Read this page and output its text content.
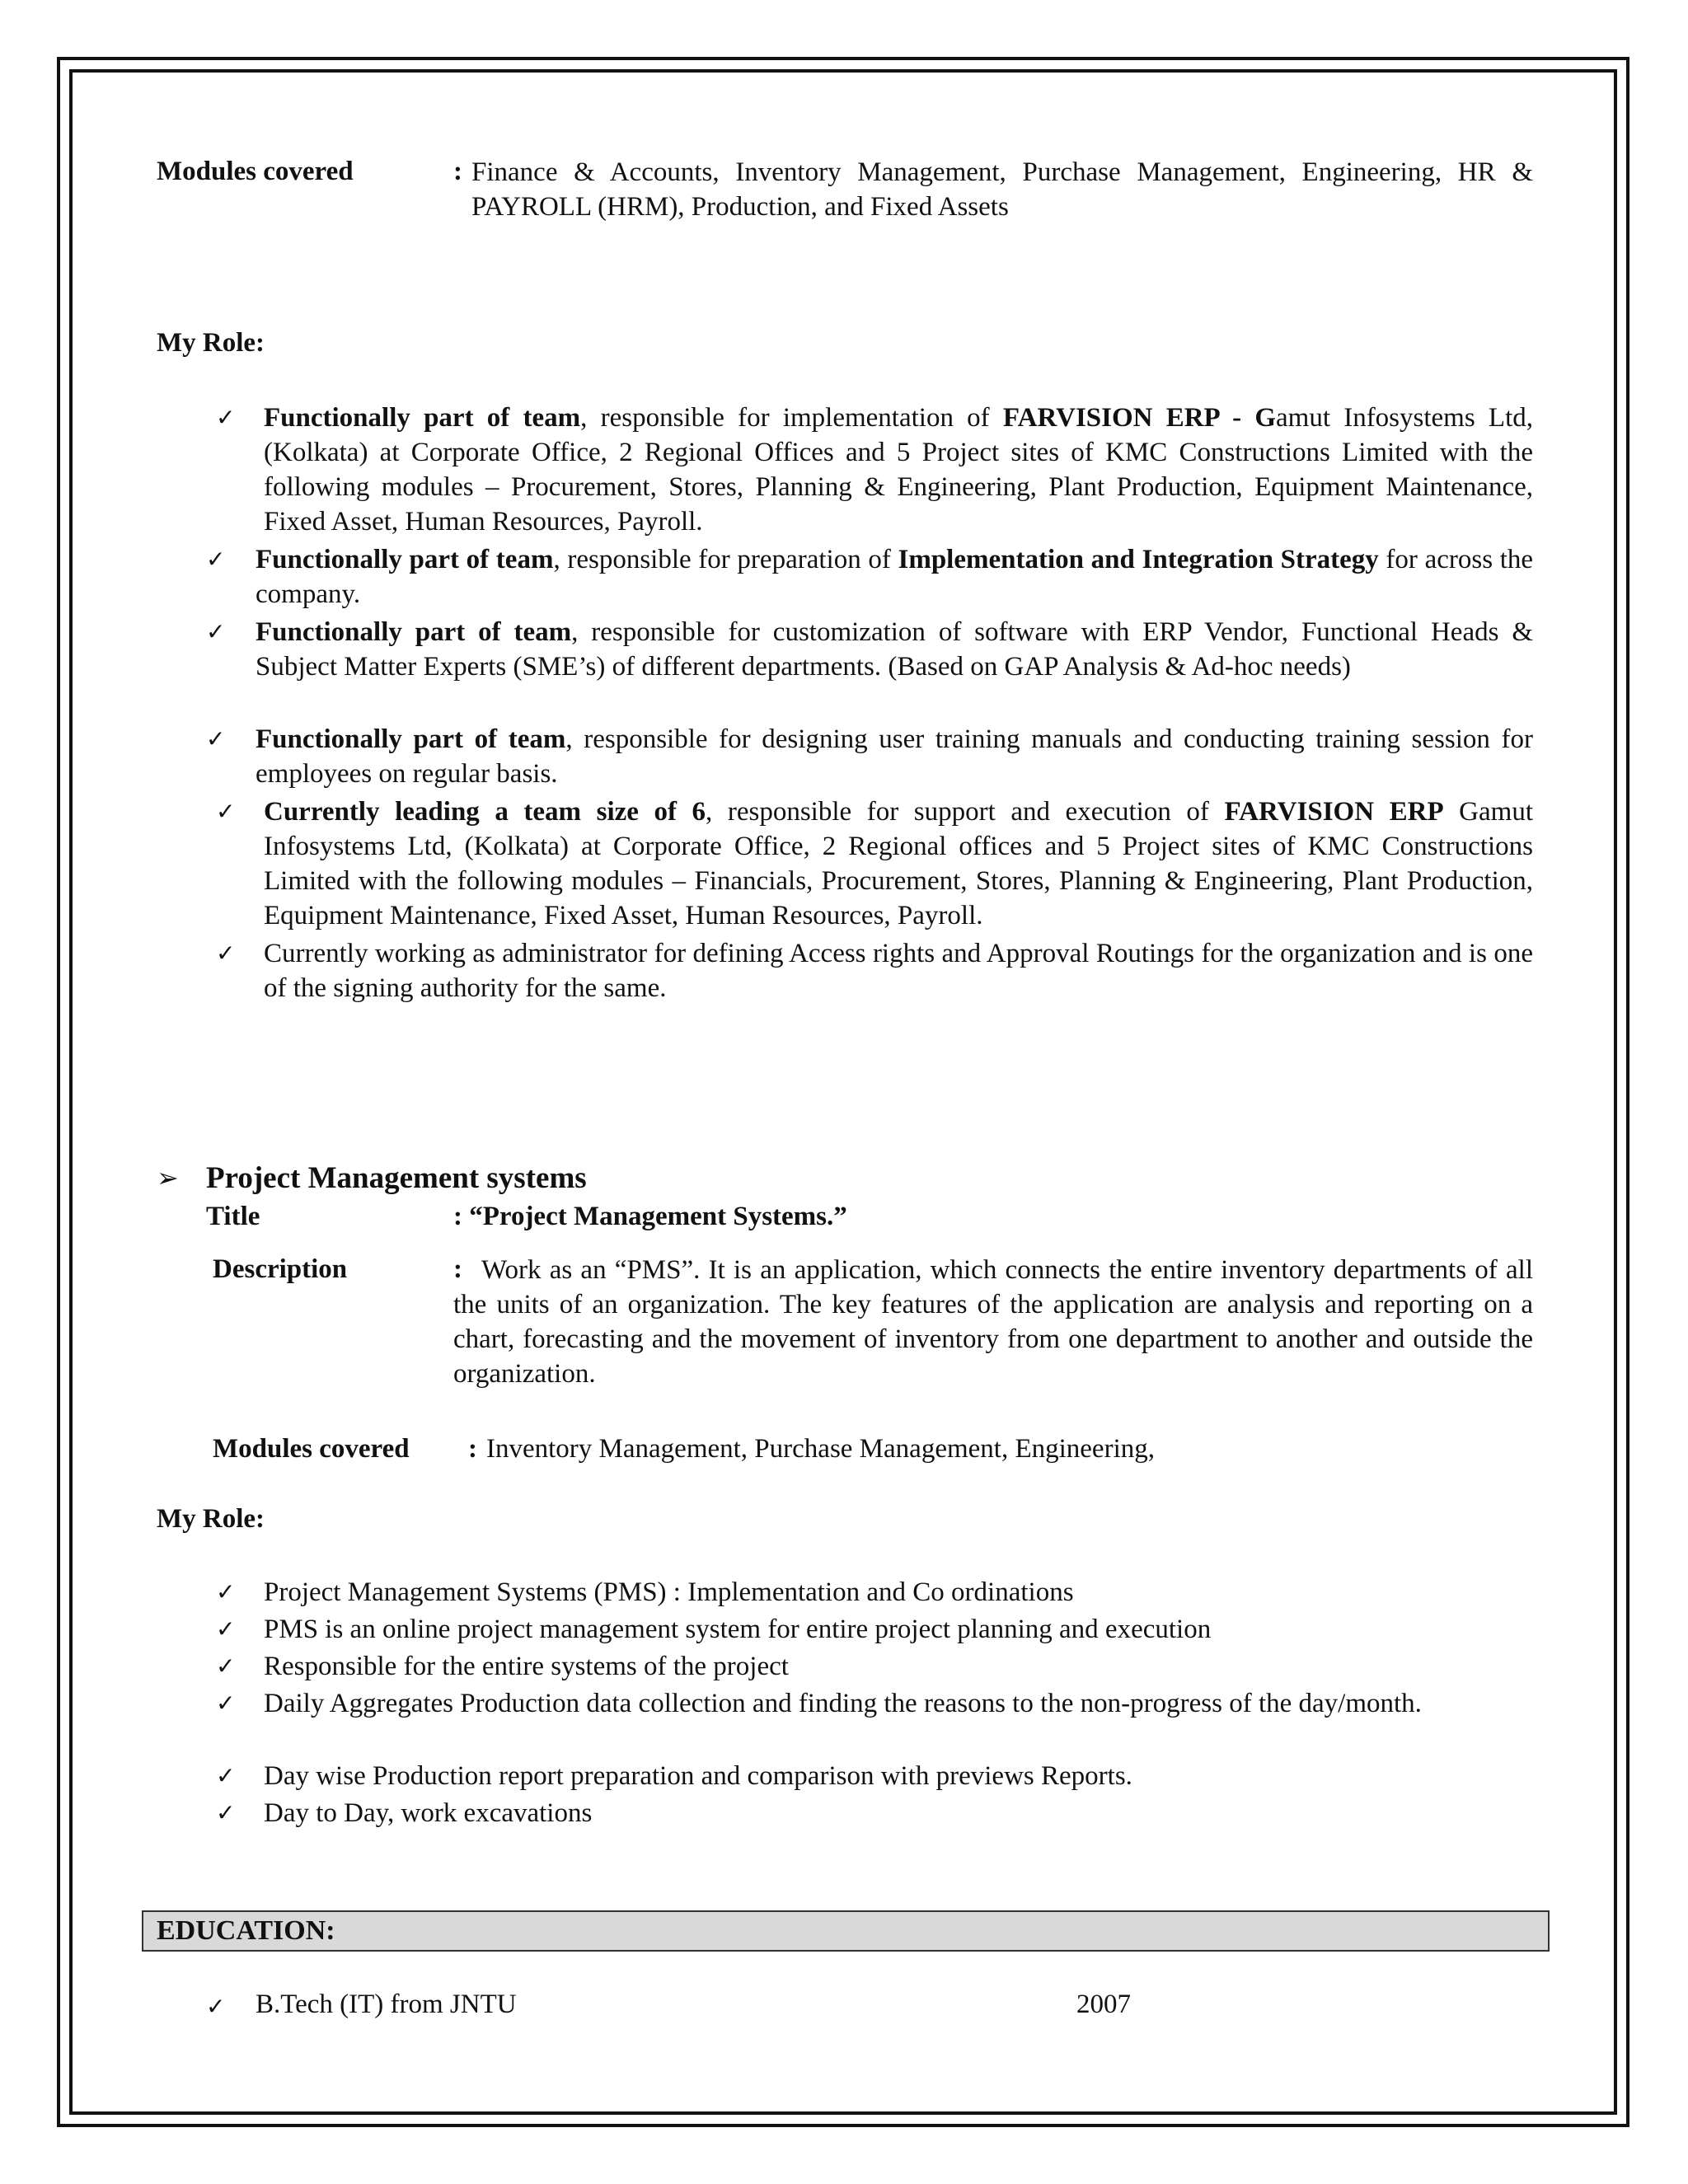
Modules covered	: Finance & Accounts, Inventory Management, Purchase Management, Engineering, HR & PAYROLL (HRM), Production, and Fixed Assets
My Role:
✓ Functionally part of team, responsible for implementation of FARVISION ERP - Gamut Infosystems Ltd, (Kolkata) at Corporate Office, 2 Regional Offices and 5 Project sites of KMC Constructions Limited with the following modules – Procurement, Stores, Planning & Engineering, Plant Production, Equipment Maintenance, Fixed Asset, Human Resources, Payroll.
✓ Functionally part of team, responsible for preparation of Implementation and Integration Strategy for across the company.
✓ Functionally part of team, responsible for customization of software with ERP Vendor, Functional Heads & Subject Matter Experts (SME’s) of different departments. (Based on GAP Analysis & Ad-hoc needs)
✓ Functionally part of team, responsible for designing user training manuals and conducting training session for employees on regular basis.
✓ Currently leading a team size of 6, responsible for support and execution of FARVISION ERP Gamut Infosystems Ltd, (Kolkata) at Corporate Office, 2 Regional offices and 5 Project sites of KMC Constructions Limited with the following modules – Financials, Procurement, Stores, Planning & Engineering, Plant Production, Equipment Maintenance, Fixed Asset, Human Resources, Payroll.
✓ Currently working as administrator for defining Access rights and Approval Routings for the organization and is one of the signing authority for the same.
➢ Project Management systems
Title	: “Project Management Systems.”
Description	: Work as an “PMS”. It is an application, which connects the entire inventory departments of all the units of an organization. The key features of the application are analysis and reporting on a chart, forecasting and the movement of inventory from one department to another and outside the organization.
Modules covered : Inventory Management, Purchase Management, Engineering,
My Role:
✓ Project Management Systems (PMS) : Implementation and Co ordinations
✓ PMS is an online project management system for entire project planning and execution
✓ Responsible for the entire systems of the project
✓ Daily Aggregates Production data collection and finding the reasons to the non-progress of the day/month.
✓ Day wise Production report preparation and comparison with previews Reports.
✓ Day to Day, work excavations
EDUCATION:
✓ B.Tech (IT) from JNTU	2007
